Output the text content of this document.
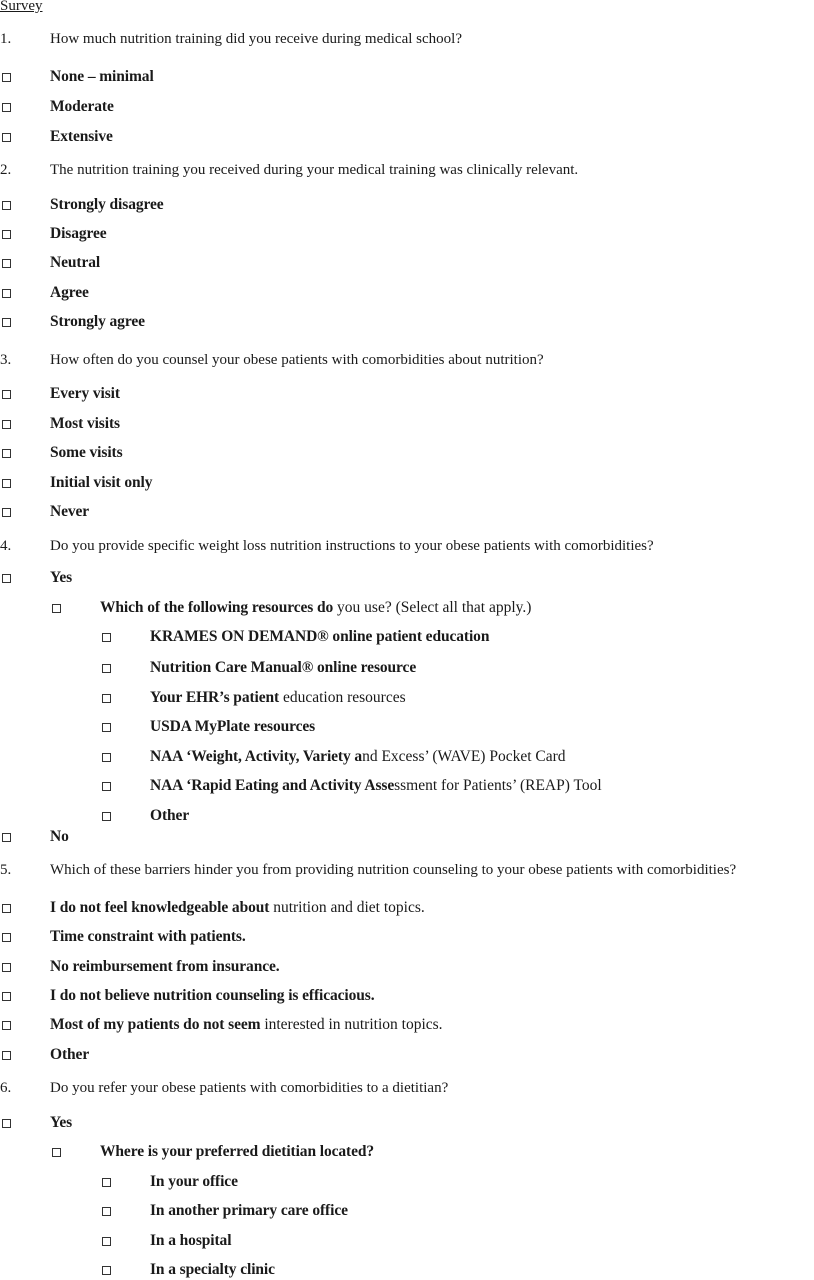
Survey
1.	How much nutrition training did you receive during medical school?
None – minimal
Moderate
Extensive
2.	The nutrition training you received during your medical training was clinically relevant.
Strongly disagree
Disagree
Neutral
Agree
Strongly agree
3.	How often do you counsel your obese patients with comorbidities about nutrition?
Every visit
Most visits
Some visits
Initial visit only
Never
4.	Do you provide specific weight loss nutrition instructions to your obese patients with comorbidities?
Yes
Which of the following resources do you use? (Select all that apply.)
KRAMES ON DEMAND® online patient education
Nutrition Care Manual® online resource
Your EHR’s patient education resources
USDA MyPlate resources
NAA ‘Weight, Activity, Variety and Excess’ (WAVE) Pocket Card
NAA ‘Rapid Eating and Activity Assessment for Patients’ (REAP) Tool
Other
No
5.	Which of these barriers hinder you from providing nutrition counseling to your obese patients with comorbidities?
I do not feel knowledgeable about nutrition and diet topics.
Time constraint with patients.
No reimbursement from insurance.
I do not believe nutrition counseling is efficacious.
Most of my patients do not seem interested in nutrition topics.
Other
6.	Do you refer your obese patients with comorbidities to a dietitian?
Yes
Where is your preferred dietitian located?
In your office
In another primary care office
In a hospital
In a specialty clinic
